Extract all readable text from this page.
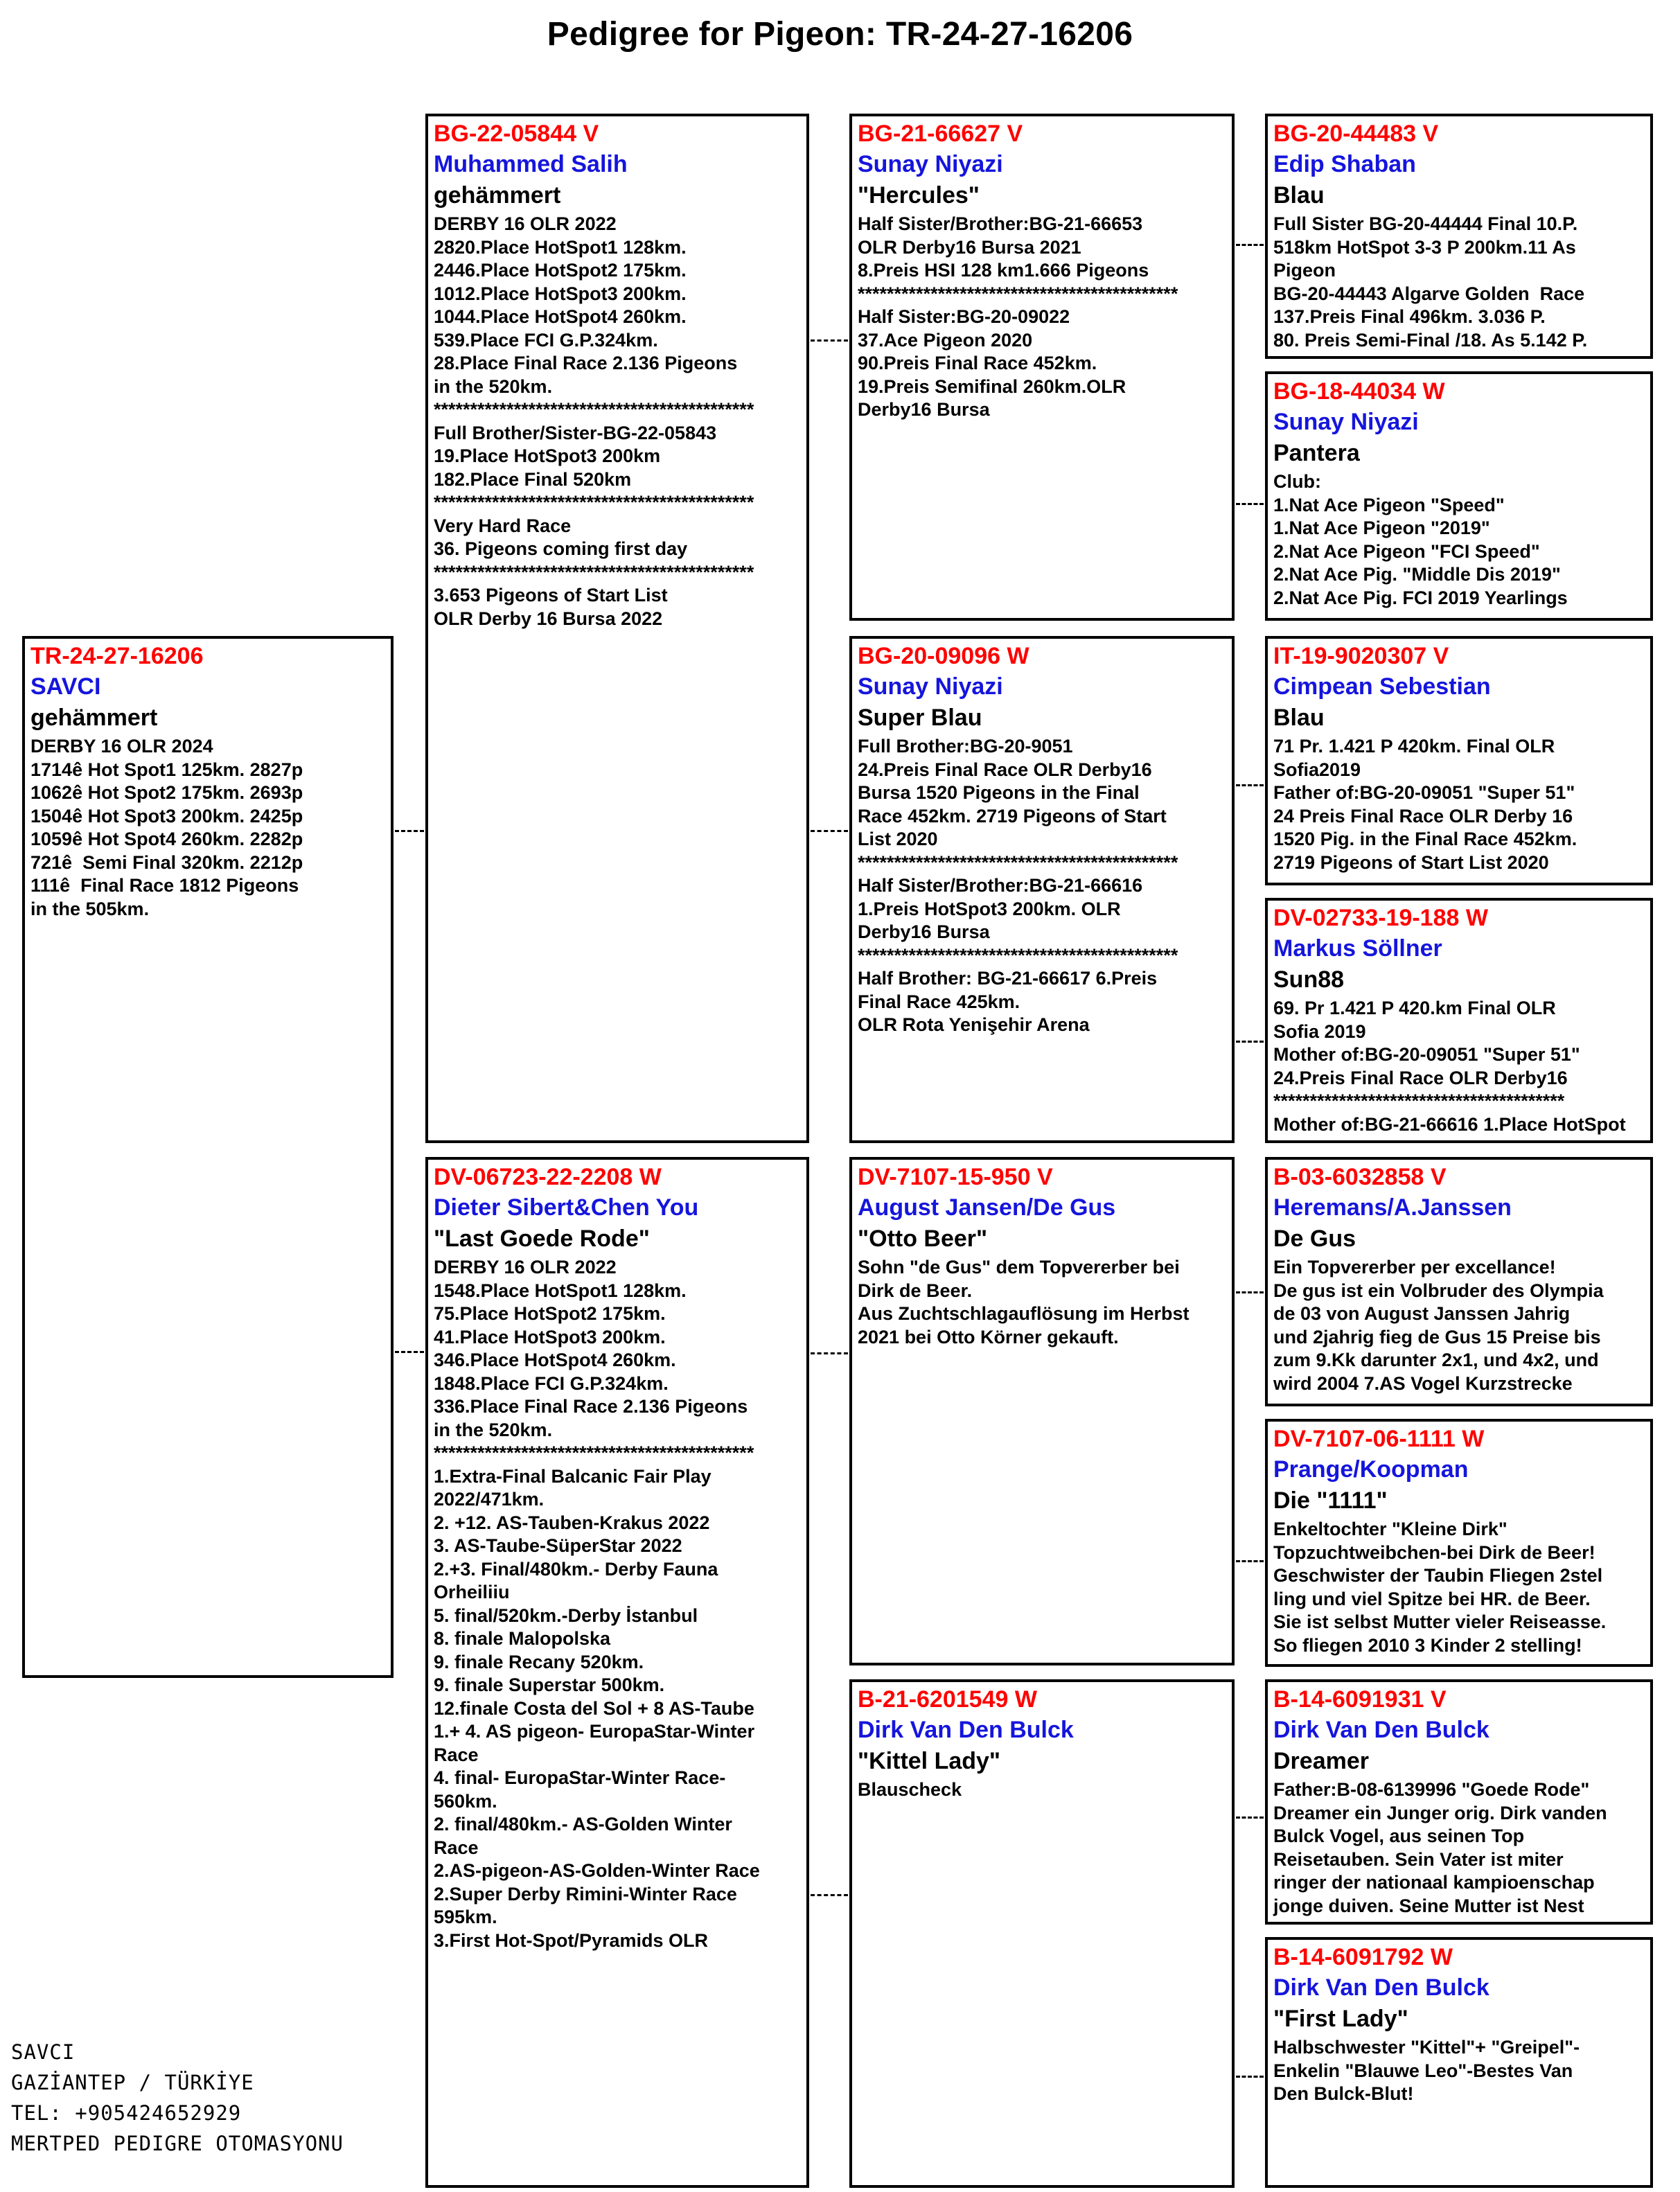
Pedigree for Pigeon: TR-24-27-16206
TR-24-27-16206
SAVCI
gehämmert
DERBY 16 OLR 2024
1714ê Hot Spot1 125km. 2827p
1062ê Hot Spot2 175km. 2693p
1504ê Hot Spot3 200km. 2425p
1059ê Hot Spot4 260km. 2282p
721ê  Semi Final 320km. 2212p
111ê  Final Race 1812 Pigeons
in the 505km.
BG-22-05844 V
Muhammed Salih
gehämmert
DERBY 16 OLR 2022
2820.Place HotSpot1 128km.
2446.Place HotSpot2 175km.
1012.Place HotSpot3 200km.
1044.Place HotSpot4 260km.
539.Place FCI G.P.324km.
28.Place Final Race 2.136 Pigeons
in the 520km.
********************************************
Full Brother/Sister-BG-22-05843
19.Place HotSpot3 200km
182.Place Final 520km
********************************************
Very Hard Race
36. Pigeons coming first day
********************************************
3.653 Pigeons of Start List
OLR Derby 16 Bursa 2022
DV-06723-22-2208 W
Dieter Sibert&Chen You
"Last Goede Rode"
DERBY 16 OLR 2022
1548.Place HotSpot1 128km.
75.Place HotSpot2 175km.
41.Place HotSpot3 200km.
346.Place HotSpot4 260km.
1848.Place FCI G.P.324km.
336.Place Final Race 2.136 Pigeons
in the 520km.
********************************************
1.Extra-Final Balcanic Fair Play
2022/471km.
2. +12. AS-Tauben-Krakus 2022
3. AS-Taube-SüperStar 2022
2.+3. Final/480km.- Derby Fauna
Orheiliiu
5. final/520km.-Derby İstanbul
8. finale Malopolska
9. finale Recany 520km.
9. finale Superstar 500km.
12.finale Costa del Sol + 8 AS-Taube
1.+ 4. AS pigeon- EuropaStar-Winter
Race
4. final- EuropaStar-Winter Race-
560km.
2. final/480km.- AS-Golden Winter
Race
2.AS-pigeon-AS-Golden-Winter Race
2.Super Derby Rimini-Winter Race
595km.
3.First Hot-Spot/Pyramids OLR
BG-21-66627 V
Sunay Niyazi
"Hercules"
Half Sister/Brother:BG-21-66653
OLR Derby16 Bursa 2021
8.Preis HSI 128 km1.666 Pigeons
********************************************
Half Sister:BG-20-09022
37.Ace Pigeon 2020
90.Preis Final Race 452km.
19.Preis Semifinal 260km.OLR
Derby16 Bursa
BG-20-09096 W
Sunay Niyazi
Super Blau
Full Brother:BG-20-9051
24.Preis Final Race OLR Derby16
Bursa 1520 Pigeons in the Final
Race 452km. 2719 Pigeons of Start
List 2020
********************************************
Half Sister/Brother:BG-21-66616
1.Preis HotSpot3 200km. OLR
Derby16 Bursa
********************************************
Half Brother: BG-21-66617 6.Preis
Final Race 425km.
OLR Rota Yenişehir Arena
DV-7107-15-950 V
August Jansen/De Gus
"Otto Beer"
Sohn "de Gus" dem Topvererber bei
Dirk de Beer.
Aus Zuchtschlagauflösung im Herbst
2021 bei Otto Körner gekauft.
B-21-6201549 W
Dirk Van Den Bulck
"Kittel Lady"
Blauscheck
BG-20-44483 V
Edip Shaban
Blau
Full Sister BG-20-44444 Final 10.P.
518km HotSpot 3-3 P 200km.11 As
Pigeon
BG-20-44443 Algarve Golden  Race
137.Preis Final 496km. 3.036 P.
80. Preis Semi-Final /18. As 5.142 P.
BG-18-44034 W
Sunay Niyazi
Pantera
Club:
1.Nat Ace Pigeon "Speed"
1.Nat Ace Pigeon "2019"
2.Nat Ace Pigeon "FCI Speed"
2.Nat Ace Pig. "Middle Dis 2019"
2.Nat Ace Pig. FCI 2019 Yearlings
IT-19-9020307 V
Cimpean Sebestian
Blau
71 Pr. 1.421 P 420km. Final OLR
Sofia2019
Father of:BG-20-09051 "Super 51"
24 Preis Final Race OLR Derby 16
1520 Pig. in the Final Race 452km.
2719 Pigeons of Start List 2020
DV-02733-19-188 W
Markus Söllner
Sun88
69. Pr 1.421 P 420.km Final OLR
Sofia 2019
Mother of:BG-20-09051 "Super 51"
24.Preis Final Race OLR Derby16
****************************************
Mother of:BG-21-66616 1.Place HotSpot
B-03-6032858 V
Heremans/A.Janssen
De Gus
Ein Topvererber per excellance!
De gus ist ein Volbruder des Olympia
de 03 von August Janssen Jahrig
und 2jahrig fieg de Gus 15 Preise bis
zum 9.Kk darunter 2x1, und 4x2, und
wird 2004 7.AS Vogel Kurzstrecke
DV-7107-06-1111 W
Prange/Koopman
Die "1111"
Enkeltochter "Kleine Dirk"
Topzuchtweibchen-bei Dirk de Beer!
Geschwister der Taubin Fliegen 2stel
ling und viel Spitze bei HR. de Beer.
Sie ist selbst Mutter vieler Reiseasse.
So fliegen 2010 3 Kinder 2 stelling!
B-14-6091931 V
Dirk Van Den Bulck
Dreamer
Father:B-08-6139996 "Goede Rode"
Dreamer ein Junger orig. Dirk vanden
Bulck Vogel, aus seinen Top
Reisetauben. Sein Vater ist miter
ringer der nationaal kampioenschap
jonge duiven. Seine Mutter ist Nest
B-14-6091792 W
Dirk Van Den Bulck
"First Lady"
Halbschwester "Kittel"+ "Greipel"-
Enkelin "Blauwe Leo"-Bestes Van
Den Bulck-Blut!
SAVCI
GAZİANTEP / TÜRKİYE
TEL: +905424652929
MERTPED PEDIGRE OTOMASYONU
